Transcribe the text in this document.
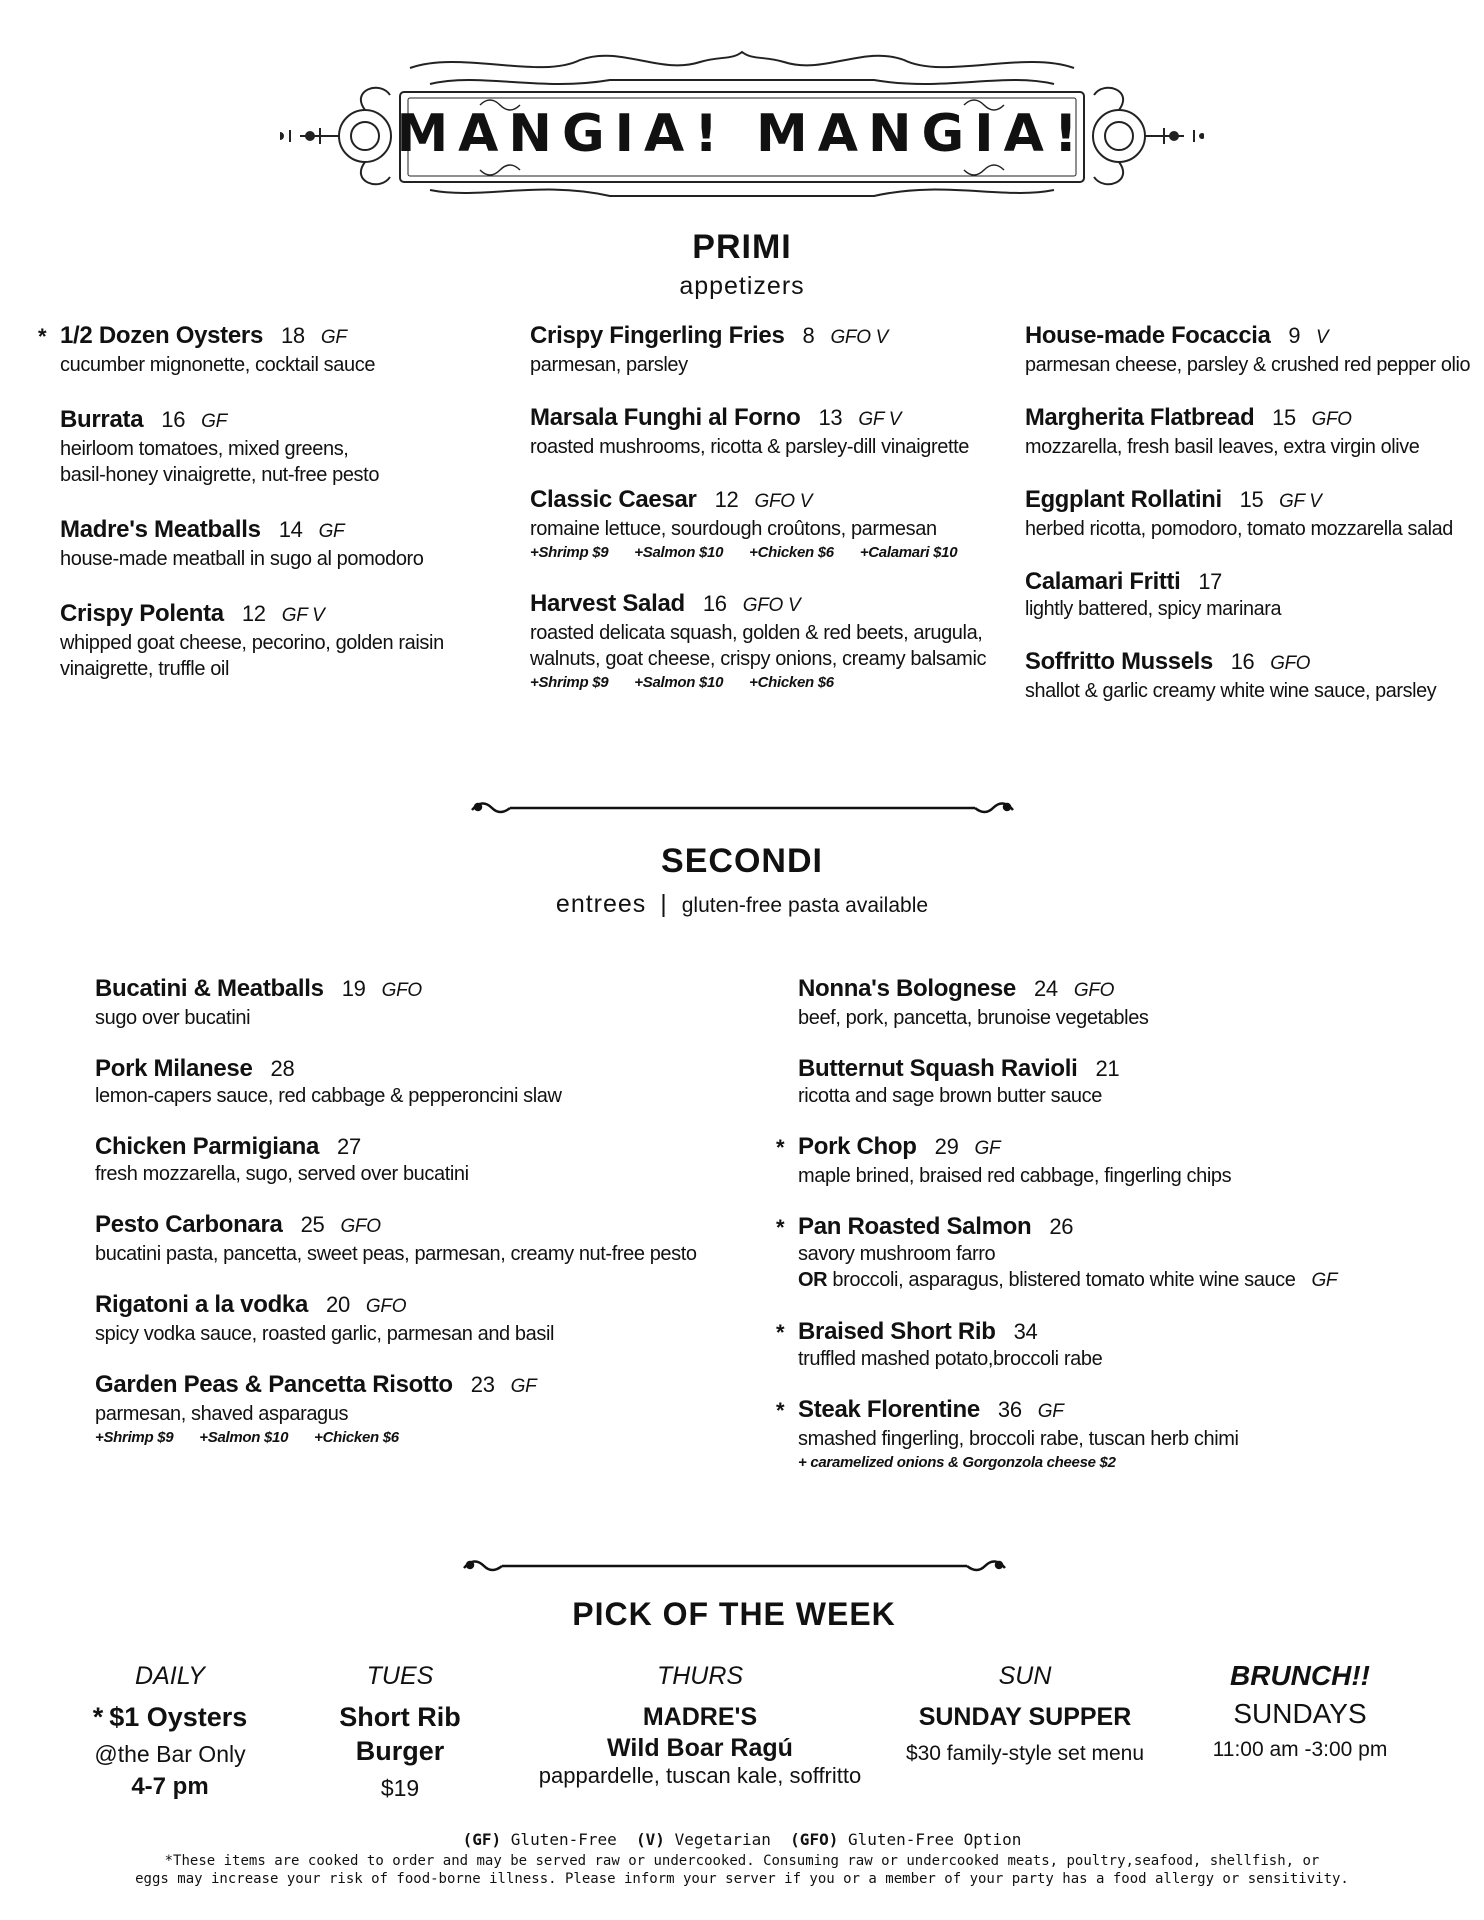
MANGIA! MANGIA!
PRIMI
appetizers
* 1/2 Dozen Oysters 18 GF
cucumber mignonette, cocktail sauce
Burrata 16 GF
heirloom tomatoes, mixed greens,
basil-honey vinaigrette, nut-free pesto
Madre's Meatballs 14 GF
house-made meatball in sugo al pomodoro
Crispy Polenta 12 GF V
whipped goat cheese, pecorino, golden raisin
vinaigrette, truffle oil
Crispy Fingerling Fries 8 GFO V
parmesan, parsley
Marsala Funghi al Forno 13 GF V
roasted mushrooms, ricotta & parsley-dill vinaigrette
Classic Caesar 12 GFO V
romaine lettuce, sourdough croûtons, parmesan
+Shrimp $9 +Salmon $10 +Chicken $6 +Calamari $10
Harvest Salad 16 GFO V
roasted delicata squash, golden & red beets, arugula,
walnuts, goat cheese, crispy onions, creamy balsamic
+Shrimp $9 +Salmon $10 +Chicken $6
House-made Focaccia 9 V
parmesan cheese, parsley & crushed red pepper olio
Margherita Flatbread 15 GFO
mozzarella, fresh basil leaves, extra virgin olive
Eggplant Rollatini 15 GF V
herbed ricotta, pomodoro, tomato mozzarella salad
Calamari Fritti 17
lightly battered, spicy marinara
Soffritto Mussels 16 GFO
shallot & garlic creamy white wine sauce, parsley
SECONDI
entrees | gluten-free pasta available
Bucatini & Meatballs 19 GFO
sugo over bucatini
Pork Milanese 28
lemon-capers sauce, red cabbage & pepperoncini slaw
Chicken Parmigiana 27
fresh mozzarella, sugo, served over bucatini
Pesto Carbonara 25 GFO
bucatini pasta, pancetta, sweet peas, parmesan, creamy nut-free pesto
Rigatoni a la vodka 20 GFO
spicy vodka sauce, roasted garlic, parmesan and basil
Garden Peas & Pancetta Risotto 23 GF
parmesan, shaved asparagus
+Shrimp $9 +Salmon $10 +Chicken $6
Nonna's Bolognese 24 GFO
beef, pork, pancetta, brunoise vegetables
Butternut Squash Ravioli 21
ricotta and sage brown butter sauce
* Pork Chop 29 GF
maple brined, braised red cabbage, fingerling chips
* Pan Roasted Salmon 26
savory mushroom farro
OR broccoli, asparagus, blistered tomato white wine sauce GF
* Braised Short Rib 34
truffled mashed potato,broccoli rabe
* Steak Florentine 36 GF
smashed fingerling, broccoli rabe, tuscan herb chimi
+ caramelized onions & Gorgonzola cheese $2
PICK OF THE WEEK
DAILY
* $1 Oysters
@the Bar Only
4-7 pm
TUES
Short Rib
Burger
$19
THURS
MADRE'S
Wild Boar Ragú
pappardelle, tuscan kale, soffritto
SUN
SUNDAY SUPPER
$30 family-style set menu
BRUNCH!!
SUNDAYS
11:00 am -3:00 pm
(GF) Gluten-Free (V) Vegetarian (GFO) Gluten-Free Option
*These items are cooked to order and may be served raw or undercooked. Consuming raw or undercooked meats, poultry,seafood, shellfish, or
eggs may increase your risk of food-borne illness. Please inform your server if you or a member of your party has a food allergy or sensitivity.
